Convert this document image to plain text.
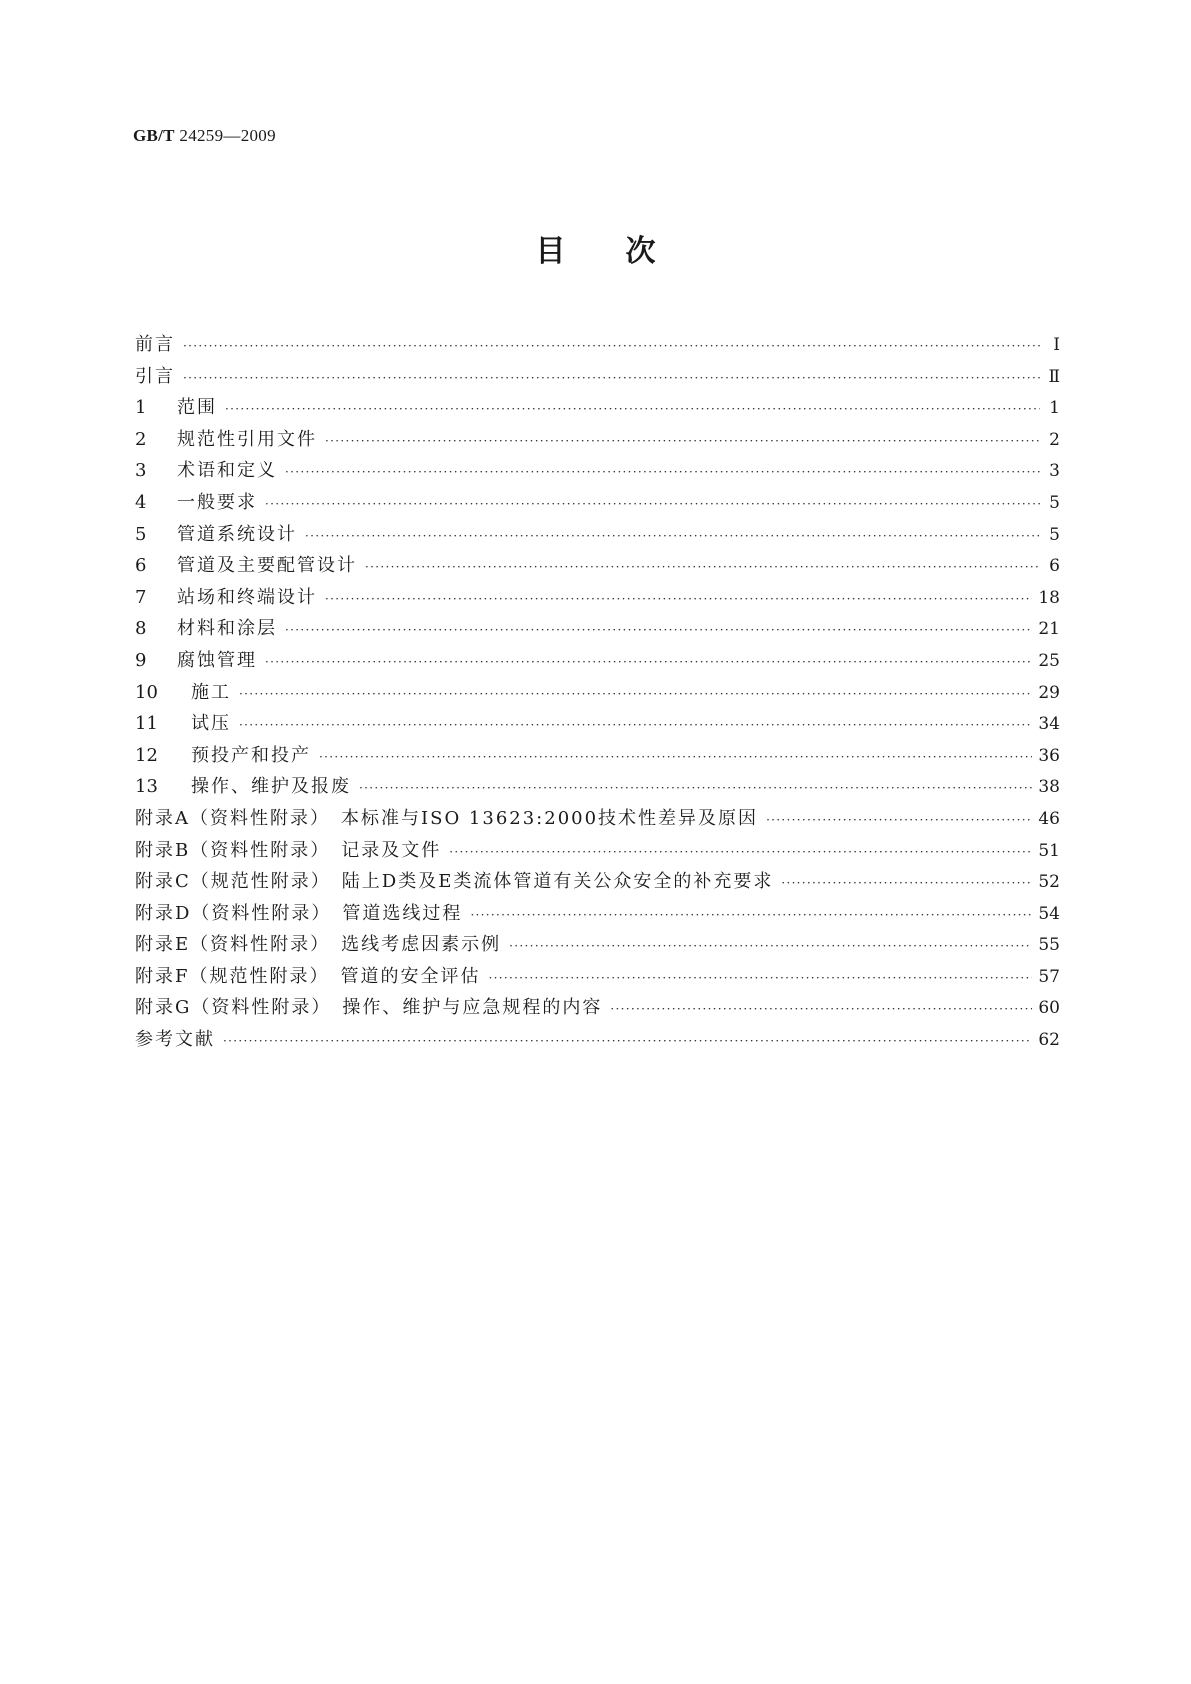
GB/T 24259—2009
目次
前言 ·····	Ⅰ
引言 ·····	Ⅱ
1	范围 ·····	1
2	规范性引用文件 ·····	2
3	术语和定义 ·····	3
4	一般要求 ·····	5
5	管道系统设计 ·····	5
6	管道及主要配管设计 ·····	6
7	站场和终端设计 ·····	18
8	材料和涂层 ·····	21
9	腐蚀管理 ·····	25
10	施工 ·····	29
11	试压 ·····	34
12	预投产和投产 ·····	36
13	操作、维护及报废 ·····	38
附录A（资料性附录）　本标准与ISO 13623:2000技术性差异及原因 ·····	46
附录B（资料性附录）　记录及文件 ·····	51
附录C（规范性附录）　陆上D类及E类流体管道有关公众安全的补充要求 ·····	52
附录D（资料性附录）　管道选线过程 ·····	54
附录E（资料性附录）　选线考虑因素示例 ·····	55
附录F（规范性附录）　管道的安全评估 ·····	57
附录G（资料性附录）　操作、维护与应急规程的内容 ·····	60
参考文献 ·····	62
